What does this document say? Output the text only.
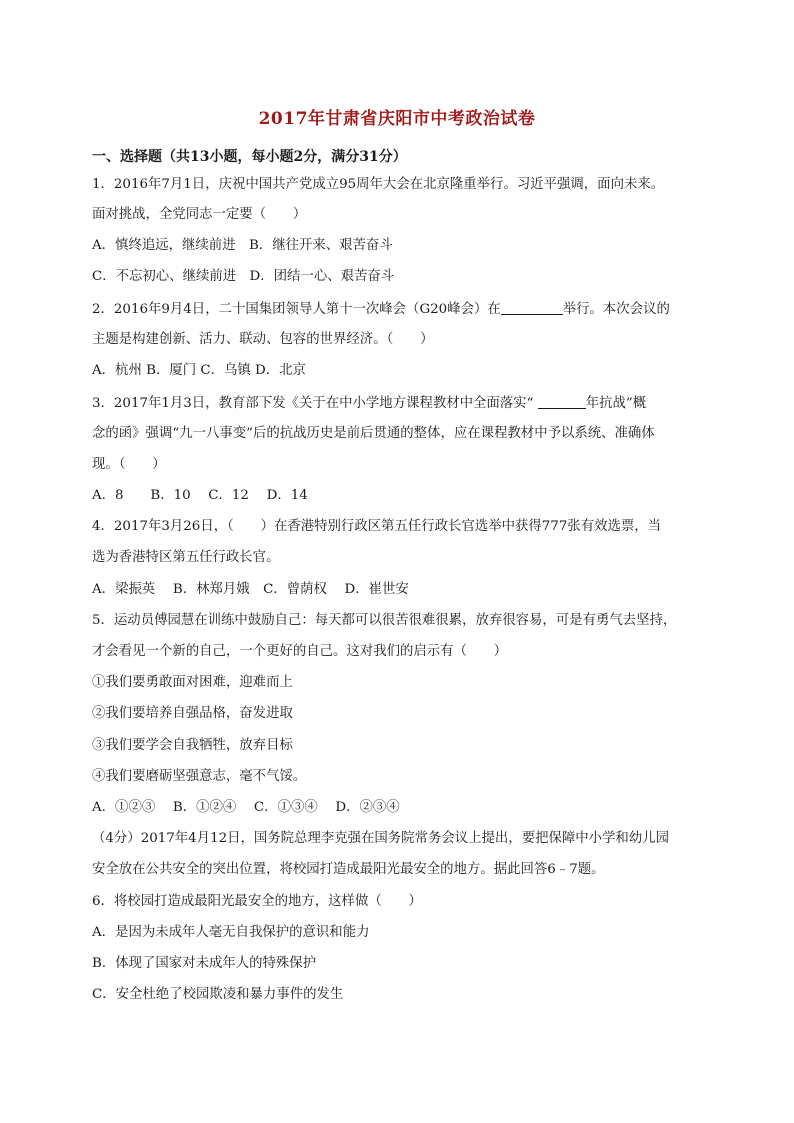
2017年甘肃省庆阳市中考政治试卷
一、选择题（共13小题，每小题2分，满分31分）
1．2016年7月1日，庆祝中国共产党成立95周年大会在北京隆重举行。习近平强调，面向未来。
面对挑战，全党同志一定要（　　）
A．慎终追远，继续前进　B．继往开来、艰苦奋斗
C．不忘初心、继续前进　D．团结一心、艰苦奋斗
2．2016年9月4日，二十国集团领导人第十一次峰会（G20峰会）在	举行。本次会议的
主题是构建创新、活力、联动、包容的世界经济。（　　）
A．杭州 B．厦门 C．乌镇 D．北京
3．2017年1月3日，教育部下发《关于在中小学地方课程教材中全面落实“	年抗战”概
念的函》强调“九一八事变”后的抗战历史是前后贯通的整体，应在课程教材中予以系统、准确体
现。（　　）
A．8　　B．10　 C．12　 D．14
4．2017年3月26日，（　　）在香港特别行政区第五任行政长官选举中获得777张有效选票，当
选为香港特区第五任行政长官。
A．梁振英　 B．林郑月娥　C．曾荫权　 D．崔世安
5．运动员傅园慧在训练中鼓励自己：每天都可以很苦很难很累，放弃很容易，可是有勇气去坚持，
才会看见一个新的自己，一个更好的自己。这对我们的启示有（　　）
①我们要勇敢面对困难，迎难而上
②我们要培养自强品格，奋发进取
③我们要学会自我牺牲，放弃目标
④我们要磨砺坚强意志，毫不气馁。
A．①②③　 B．①②④　 C．①③④　 D．②③④
（4分）2017年4月12日，国务院总理李克强在国务院常务会议上提出，要把保障中小学和幼儿园
安全放在公共安全的突出位置，将校园打造成最阳光最安全的地方。据此回答6﹣7题。
6．将校园打造成最阳光最安全的地方，这样做（　　）
A．是因为未成年人毫无自我保护的意识和能力
B．体现了国家对未成年人的特殊保护
C．安全杜绝了校园欺凌和暴力事件的发生
